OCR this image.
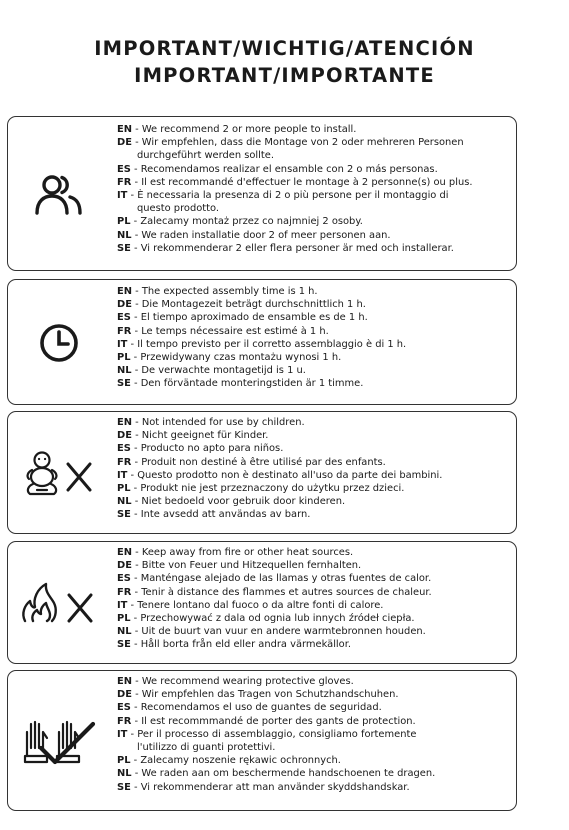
IMPORTANT/WICHTIG/ATENCIÓN
IMPORTANT/IMPORTANTE
EN - We recommend 2 or more people to install.
DE - Wir empfehlen, dass die Montage von 2 oder mehreren Personen
durchgeführt werden sollte.
ES - Recomendamos realizar el ensamble con 2 o más personas.
FR - Il est recommandé d'effectuer le montage à 2 personne(s) ou plus.
IT - È necessaria la presenza di 2 o più persone per il montaggio di
questo prodotto.
PL - Zalecamy montaż przez co najmniej 2 osoby.
NL - We raden installatie door 2 of meer personen aan.
SE - Vi rekommenderar 2 eller flera personer är med och installerar.
EN - The expected assembly time is 1 h.
DE - Die Montagezeit beträgt durchschnittlich 1 h.
ES - El tiempo aproximado de ensamble es de 1 h.
FR - Le temps nécessaire est estimé à 1 h.
IT - Il tempo previsto per il corretto assemblaggio è di 1 h.
PL - Przewidywany czas montażu wynosi 1 h.
NL - De verwachte montagetijd is 1 u.
SE - Den förväntade monteringstiden är 1 timme.
EN - Not intended for use by children.
DE - Nicht geeignet für Kinder.
ES - Producto no apto para niños.
FR - Produit non destiné à être utilisé par des enfants.
IT - Questo prodotto non è destinato all'uso da parte dei bambini.
PL - Produkt nie jest przeznaczony do użytku przez dzieci.
NL - Niet bedoeld voor gebruik door kinderen.
SE - Inte avsedd att användas av barn.
EN - Keep away from fire or other heat sources.
DE - Bitte von Feuer und Hitzequellen fernhalten.
ES - Manténgase alejado de las llamas y otras fuentes de calor.
FR - Tenir à distance des flammes et autres sources de chaleur.
IT - Tenere lontano dal fuoco o da altre fonti di calore.
PL - Przechowywać z dala od ognia lub innych źródeł ciepła.
NL - Uit de buurt van vuur en andere warmtebronnen houden.
SE - Håll borta från eld eller andra värmekällor.
EN - We recommend wearing protective gloves.
DE - Wir empfehlen das Tragen von Schutzhandschuhen.
ES - Recomendamos el uso de guantes de seguridad.
FR - Il est recommmandé de porter des gants de protection.
IT - Per il processo di assemblaggio, consigliamo fortemente
l'utilizzo di guanti protettivi.
PL - Zalecamy noszenie rękawic ochronnych.
NL - We raden aan om beschermende handschoenen te dragen.
SE - Vi rekommenderar att man använder skyddshandskar.
